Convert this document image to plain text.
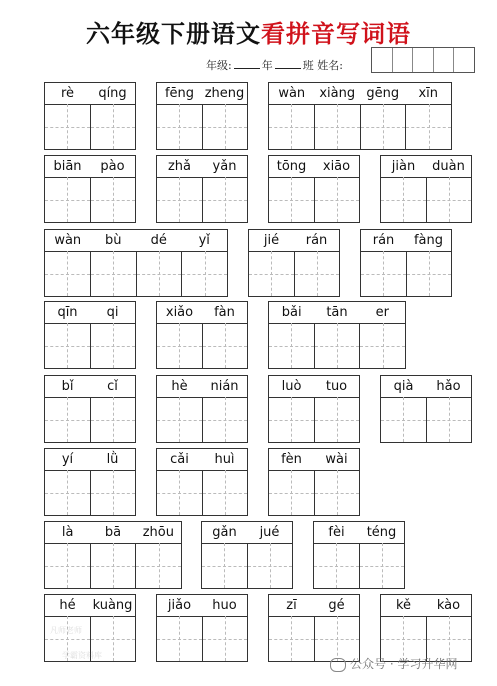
六年级下册语文看拼音写词语
年级:	年	班 姓名:
rè	qíng	fēng zheng	wàn	xiàng gēng	xīn
biān	pào	zhǎ	yǎn	tōng	xiāo	jiàn	duàn
wàn	bù	dé	yǐ	jié	rán	rán	fàng
qīn	qi	xiǎo	fàn	bǎi	tān	er
bǐ	cǐ	hè	nián	luò	tuo	qià	hǎo
yí	lǜ	cǎi	huì	fèn	wài
là	bā	zhōu	gǎn	jué	fèi	téng
hé	kuàng	jiǎo	huo	zī	gé	kě	kào
凡师老师
学霸资料库
公众号 · 学习升华网
